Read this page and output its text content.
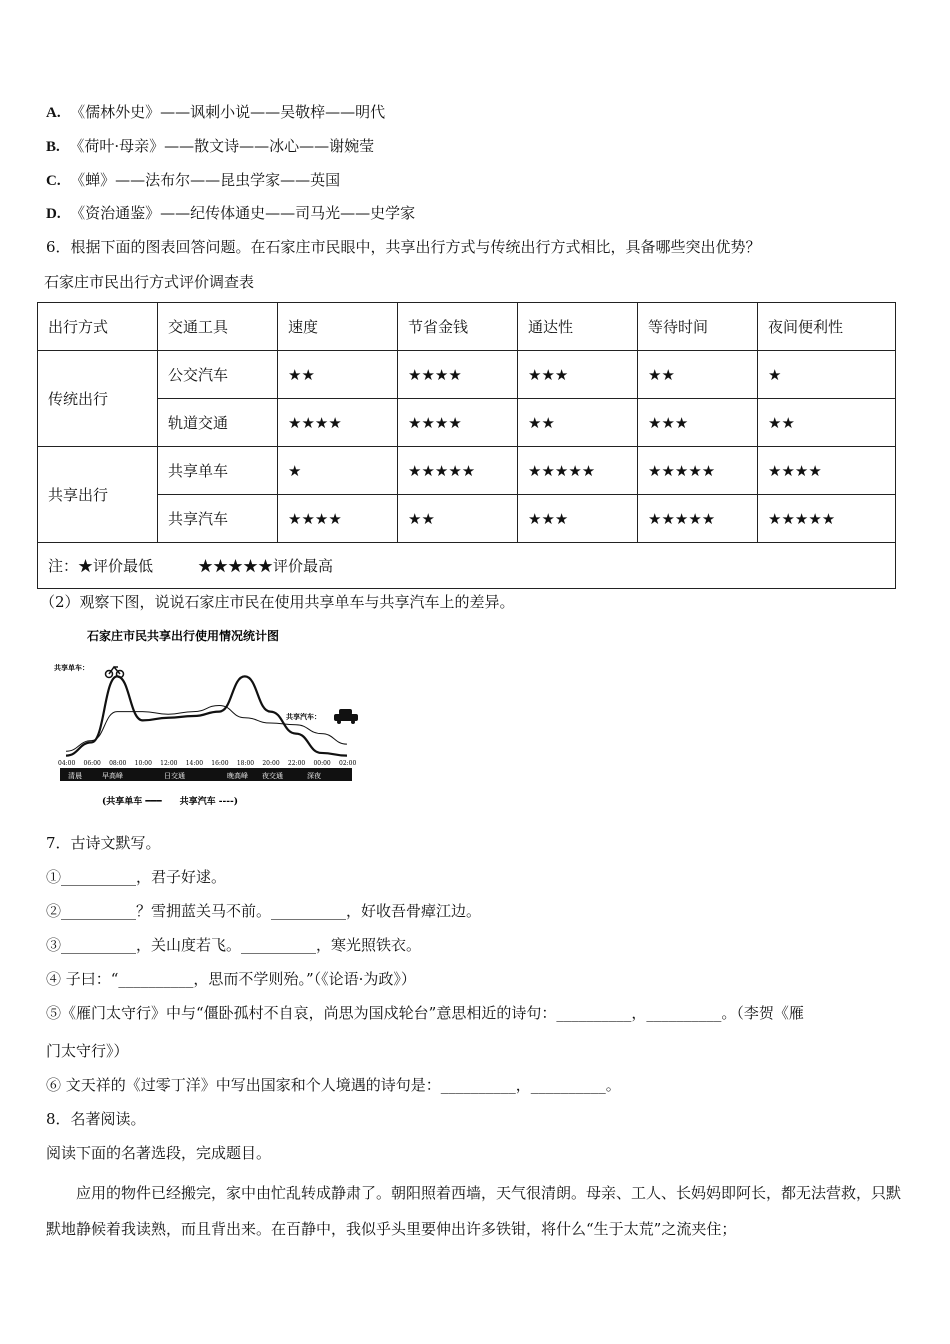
A. 《儒林外史》——讽刺小说——吴敬梓——明代
B. 《荷叶·母亲》——散文诗——冰心——谢婉莹
C. 《蝉》——法布尔——昆虫学家——英国
D. 《资治通鉴》——纪传体通史——司马光——史学家
6．根据下面的图表回答问题。在石家庄市民眼中，共享出行方式与传统出行方式相比，具备哪些突出优势？
石家庄市民出行方式评价调查表
出行方式	交通工具	速度	节省金钱	通达性	等待时间	夜间便利性
传统出行	公交汽车	★★	★★★★	★★★	★★	★
	轨道交通	★★★★	★★★★	★★	★★★	★★
共享出行	共享单车	★	★★★★★	★★★★★	★★★★★	★★★★
	共享汽车	★★★★	★★	★★★	★★★★★	★★★★★
注：★评价最低　　　★★★★★评价最高						
（2）观察下图，说说石家庄市民在使用共享单车与共享汽车上的差异。
石家庄市民共享出行使用情况统计图
共享单车：
共享汽车：
04:00 06:00 08:00 10:00 12:00 14:00 16:00 18:00 20:00 22:00 00:00 02:00
清晨	早高峰	日交通	晚高峰 夜交通	深夜
(共享单车 ━━━　　共享汽车 ----)
7．古诗文默写。
①__________，君子好逑。
②__________？雪拥蓝关马不前。__________，好收吾骨瘴江边。
③__________，关山度若飞。__________，寒光照铁衣。
④ 子曰：“__________，思而不学则殆。”（《论语·为政》）
⑤《雁门太守行》中与“僵卧孤村不自哀，尚思为国戍轮台”意思相近的诗句：__________，__________。（李贺《雁
门太守行》）
⑥ 文天祥的《过零丁洋》中写出国家和个人境遇的诗句是：__________，__________。
8．名著阅读。
阅读下面的名著选段，完成题目。
　　应用的物件已经搬完，家中由忙乱转成静肃了。朝阳照着西墙，天气很清朗。母亲、工人、长妈妈即阿长，都无法营救，只默默地静候着我读熟，而且背出来。在百静中，我似乎头里要伸出许多铁钳，将什么“生于太荒”之流夹住；
